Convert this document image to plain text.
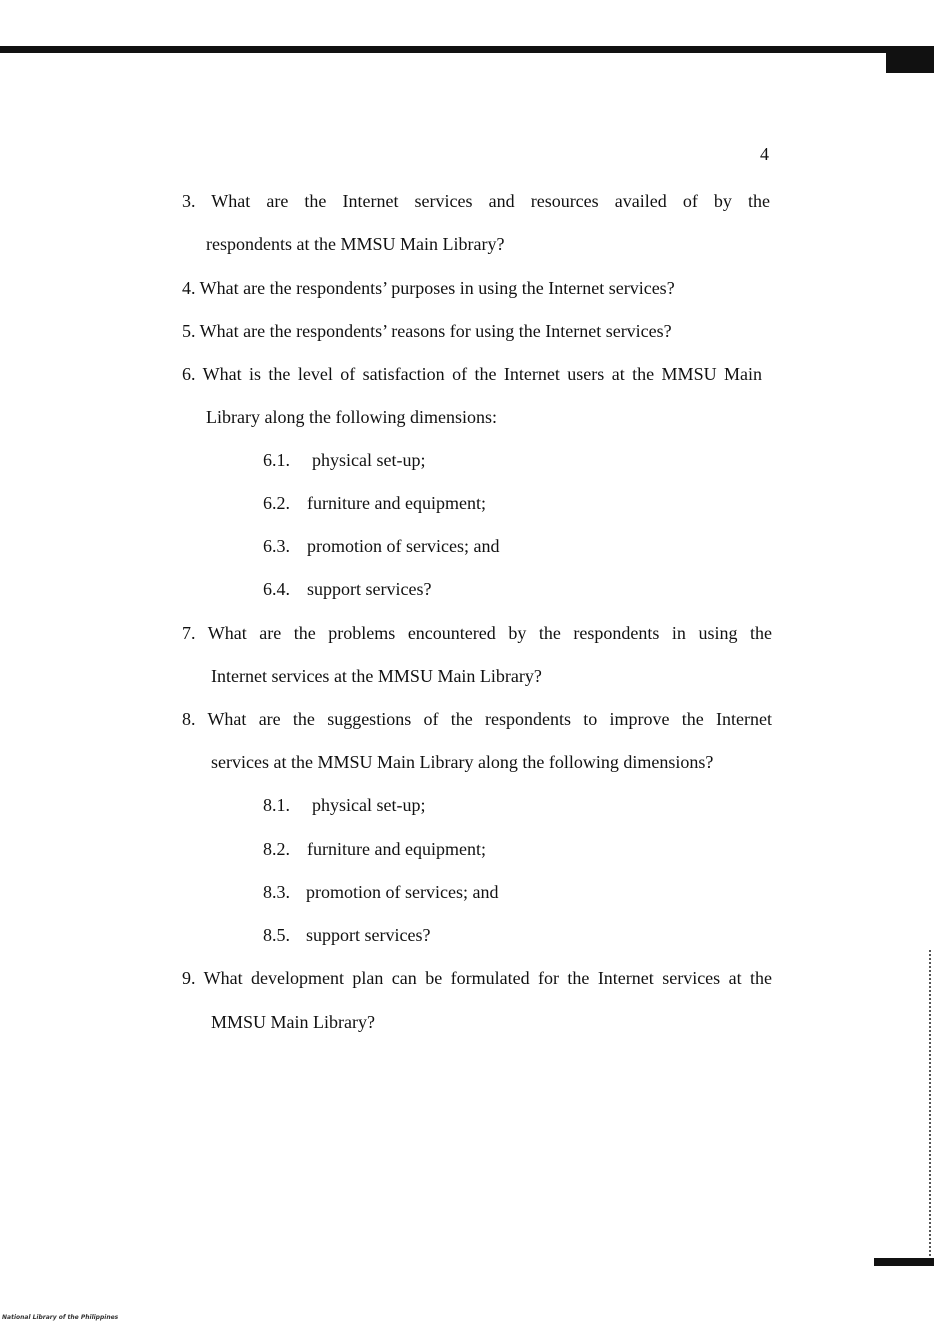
4
3. What are the Internet services and resources availed of by the
respondents at the MMSU Main Library?
4. What are the respondents’ purposes in using the Internet services?
5. What are the respondents’ reasons for using the Internet services?
6. What is the level of satisfaction of the Internet users at the MMSU Main
Library along the following dimensions:
6.1. physical set-up;
6.2. furniture and equipment;
6.3. promotion of services; and
6.4. support services?
7. What are the problems encountered by the respondents in using the
Internet services at the MMSU Main Library?
8. What are the suggestions of the respondents to improve the Internet
services at the MMSU Main Library along the following dimensions?
8.1. physical set-up;
8.2. furniture and equipment;
8.3. promotion of services; and
8.5. support services?
9. What development plan can be formulated for the Internet services at the
MMSU Main Library?
National Library of the Philippines
